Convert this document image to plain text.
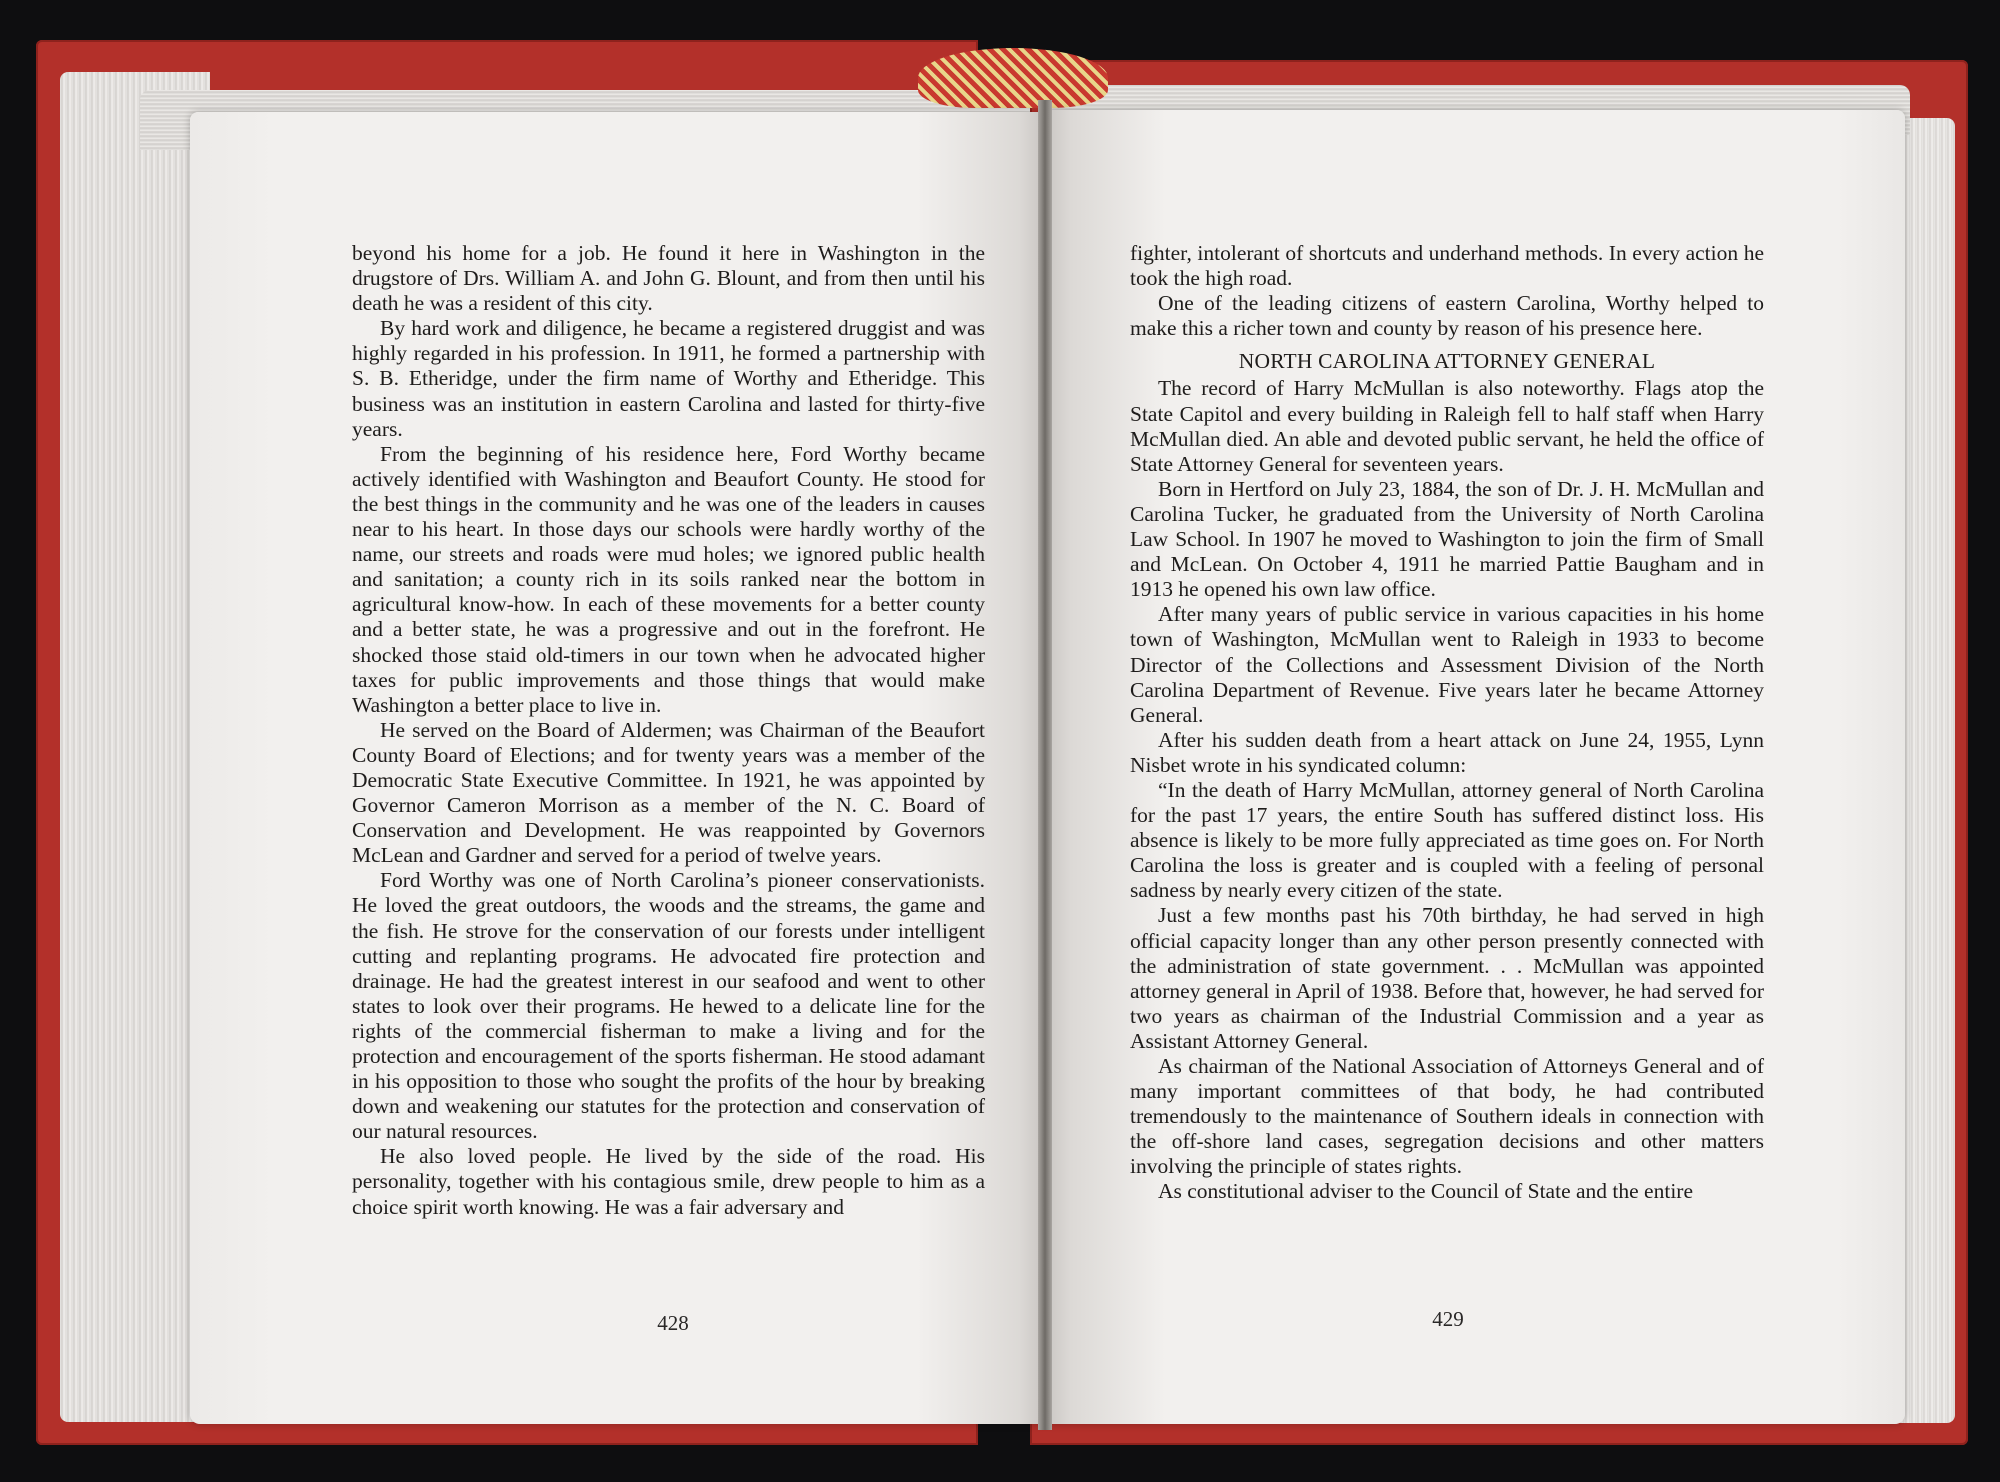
beyond his home for a job. He found it here in Washington in the drugstore of Drs. William A. and John G. Blount, and from then until his death he was a resident of this city.

By hard work and diligence, he became a registered druggist and was highly regarded in his profession. In 1911, he formed a partnership with S. B. Etheridge, under the firm name of Worthy and Etheridge. This business was an institution in eastern Carolina and lasted for thirty-five years.

From the beginning of his residence here, Ford Worthy became actively identified with Washington and Beaufort County. He stood for the best things in the community and he was one of the leaders in causes near to his heart. In those days our schools were hardly worthy of the name, our streets and roads were mud holes; we ignored public health and sanitation; a county rich in its soils ranked near the bottom in agricultural know-how. In each of these movements for a better county and a better state, he was a progressive and out in the forefront. He shocked those staid old-timers in our town when he advocated higher taxes for public improvements and those things that would make Washington a better place to live in.

He served on the Board of Aldermen; was Chairman of the Beaufort County Board of Elections; and for twenty years was a member of the Democratic State Executive Committee. In 1921, he was appointed by Governor Cameron Morrison as a member of the N. C. Board of Conservation and Development. He was reappointed by Governors McLean and Gardner and served for a period of twelve years.

Ford Worthy was one of North Carolina’s pioneer conservationists. He loved the great outdoors, the woods and the streams, the game and the fish. He strove for the conservation of our forests under intelligent cutting and replanting programs. He advocated fire protection and drainage. He had the greatest interest in our seafood and went to other states to look over their programs. He hewed to a delicate line for the rights of the commercial fisherman to make a living and for the protection and encouragement of the sports fisherman. He stood adamant in his opposition to those who sought the profits of the hour by breaking down and weakening our statutes for the protection and conservation of our natural resources.

He also loved people. He lived by the side of the road. His personality, together with his contagious smile, drew people to him as a choice spirit worth knowing. He was a fair adversary and

fighter, intolerant of shortcuts and underhand methods. In every action he took the high road.

One of the leading citizens of eastern Carolina, Worthy helped to make this a richer town and county by reason of his presence here.

NORTH CAROLINA ATTORNEY GENERAL

The record of Harry McMullan is also noteworthy. Flags atop the State Capitol and every building in Raleigh fell to half staff when Harry McMullan died. An able and devoted public servant, he held the office of State Attorney General for seventeen years.

Born in Hertford on July 23, 1884, the son of Dr. J. H. McMullan and Carolina Tucker, he graduated from the University of North Carolina Law School. In 1907 he moved to Washington to join the firm of Small and McLean. On October 4, 1911 he married Pattie Baugham and in 1913 he opened his own law office.

After many years of public service in various capacities in his home town of Washington, McMullan went to Raleigh in 1933 to become Director of the Collections and Assessment Division of the North Carolina Department of Revenue. Five years later he became Attorney General.

After his sudden death from a heart attack on June 24, 1955, Lynn Nisbet wrote in his syndicated column:

“In the death of Harry McMullan, attorney general of North Carolina for the past 17 years, the entire South has suffered distinct loss. His absence is likely to be more fully appreciated as time goes on. For North Carolina the loss is greater and is coupled with a feeling of personal sadness by nearly every citizen of the state.

Just a few months past his 70th birthday, he had served in high official capacity longer than any other person presently connected with the administration of state government. . . McMullan was appointed attorney general in April of 1938. Before that, however, he had served for two years as chairman of the Industrial Commission and a year as Assistant Attorney General.

As chairman of the National Association of Attorneys General and of many important committees of that body, he had contributed tremendously to the maintenance of Southern ideals in connection with the off-shore land cases, segregation decisions and other matters involving the principle of states rights.

As constitutional adviser to the Council of State and the entire

428	429
